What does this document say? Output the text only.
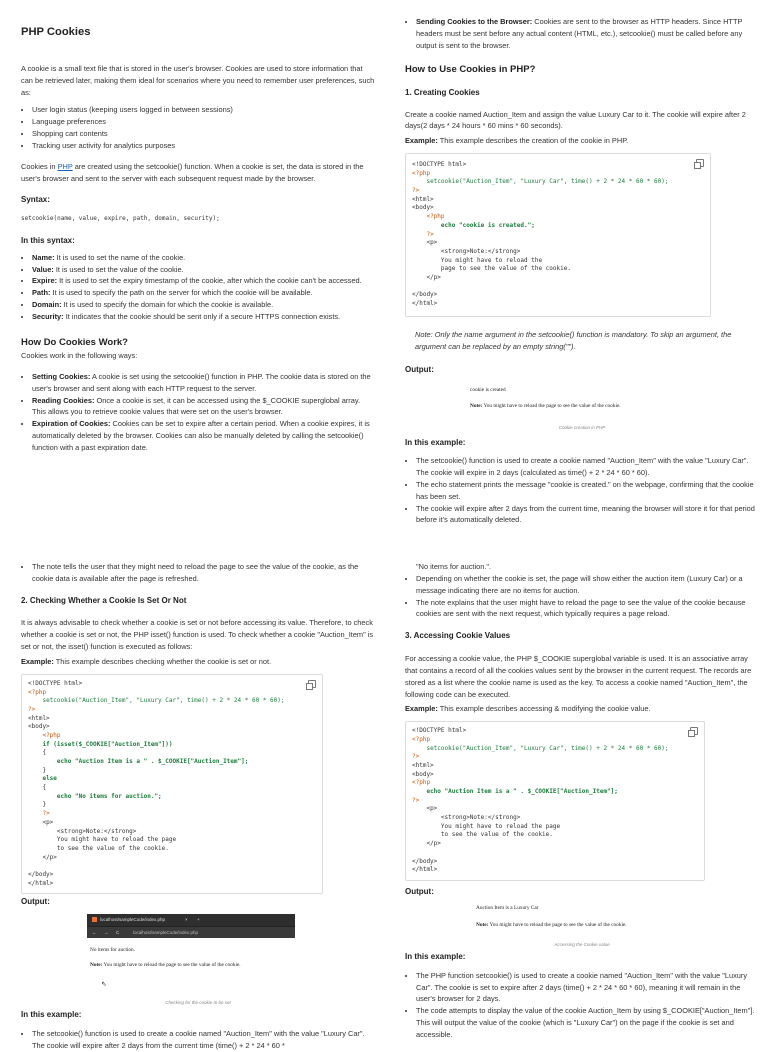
PHP Cookies

A cookie is a small text file that is stored in the user's browser. Cookies are used to store information that can be retrieved later, making them ideal for scenarios where you need to remember user preferences, such as:

• User login status (keeping users logged in between sessions)
• Language preferences
• Shopping cart contents
• Tracking user activity for analytics purposes

Cookies in PHP are created using the setcookie() function. When a cookie is set, the data is stored in the user's browser and sent to the server with each subsequent request made by the browser.

Syntax:
setcookie(name, value, expire, path, domain, security);
In this syntax:
• Name: It is used to set the name of the cookie.
• Value: It is used to set the value of the cookie.
• Expire: It is used to set the expiry timestamp of the cookie, after which the cookie can't be accessed.
• Path: It is used to specify the path on the server for which the cookie will be available.
• Domain: It is used to specify the domain for which the cookie is available.
• Security: It indicates that the cookie should be sent only if a secure HTTPS connection exists.
How Do Cookies Work?

Cookies work in the following ways:

• Setting Cookies: A cookie is set using the setcookie() function in PHP. The cookie data is stored on the user's browser and sent along with each HTTP request to the server.
• Reading Cookies: Once a cookie is set, it can be accessed using the $_COOKIE superglobal array. This allows you to retrieve cookie values that were set on the user's browser.
• Expiration of Cookies: Cookies can be set to expire after a certain period. When a cookie expires, it is automatically deleted by the browser. Cookies can also be manually deleted by calling the setcookie() function with a past expiration date.
• Sending Cookies to the Browser: Cookies are sent to the browser as HTTP headers. Since HTTP headers must be sent before any actual content (HTML, etc.), setcookie() must be called before any output is sent to the browser.
How to Use Cookies in PHP?
1. Creating Cookies

Create a cookie named Auction_Item and assign the value Luxury Car to it. The cookie will expire after 2 days(2 days * 24 hours * 60 mins * 60 seconds).

Example: This example describes the creation of the cookie in PHP.

<!DOCTYPE html>
<?php
setcookie("Auction_Item", "Luxury Car", time() + 2 * 24 * 60 * 60);
?>
<html>
<body>
<?php
echo "cookie is created.";
?>
<p>
<strong>Note:</strong>
You might have to reload the
page to see the value of the cookie.
</p>

</body>
</html>

Note: Only the name argument in the setcookie() function is mandatory. To skip an argument, the argument can be replaced by an empty string("").

Output:
cookie is created
Note: You might have to reload the page to see the value of the cookie.
Cookie creation in PHP
In this example:
• The setcookie() function is used to create a cookie named "Auction_Item" with the value "Luxury Car". The cookie will expire in 2 days (calculated as time() + 2 * 24 * 60 * 60).
• The echo statement prints the message "cookie is created." on the webpage, confirming that the cookie has been set.
• The cookie will expire after 2 days from the current time, meaning the browser will store it for that period before it's automatically deleted.
• The note tells the user that they might need to reload the page to see the value of the cookie, as the cookie data is available after the page is refreshed.
2. Checking Whether a Cookie Is Set Or Not

It is always advisable to check whether a cookie is set or not before accessing its value. Therefore, to check whether a cookie is set or not, the PHP isset() function is used. To check whether a cookie "Auction_Item" is set or not, the isset() function is executed as follows:

Example: This example describes checking whether the cookie is set or not.

<!DOCTYPE html>
<?php
setcookie("Auction_Item", "Luxury Car", time() + 2 * 24 * 60 * 60);
?>
<html>
<body>
<?php
if (isset($_COOKIE["Auction_Item"]))
{
echo "Auction Item is a " . $_COOKIE["Auction_Item"];
}
else
{
echo "No items for auction.";
}
?>
<p>
<strong>Note:</strong>
You might have to reload the page
to see the value of the cookie.
</p>

</body>
</html>
Output:
localhost/sampleCode/index.php	× +
← → C	localhost/sampleCode/index.php
No items for auction.
Note: You might have to reload the page to see the value of the cookie.
⇖
Checking for the cookie to be set
In this example:
• The setcookie() function is used to create a cookie named "Auction_Item" with the value "Luxury Car". The cookie will expire after 2 days from the current time (time() + 2 * 24 * 60 *

"No items for auction.".

• Depending on whether the cookie is set, the page will show either the auction item (Luxury Car) or a message indicating there are no items for auction.
• The note explains that the user might have to reload the page to see the value of the cookie because cookies are sent with the next request, which typically requires a page reload.
3. Accessing Cookie Values

For accessing a cookie value, the PHP $_COOKIE superglobal variable is used. It is an associative array that contains a record of all the cookies values sent by the browser in the current request. The records are stored as a list where the cookie name is used as the key. To access a cookie named "Auction_Item", the following code can be executed.

Example: This example describes accessing & modifying the cookie value.

<!DOCTYPE html>
<?php
setcookie("Auction_Item", "Luxury Car", time() + 2 * 24 * 60 * 60);
?>
<html>
<body>
<?php
echo "Auction Item is a " . $_COOKIE["Auction_Item"];
?>
<p>
<strong>Note:</strong>
You might have to reload the page
to see the value of the cookie.
</p>

</body>
</html>
Output:
Auction Item is a Luxury Car
Note: You might have to reload the page to see the value of the cookie.
Accessing the Cookie value
In this example:
• The PHP function setcookie() is used to create a cookie named "Auction_Item" with the value "Luxury Car". The cookie is set to expire after 2 days (time() + 2 * 24 * 60 * 60), meaning it will remain in the user's browser for 2 days.
• The code attempts to display the value of the cookie Auction_Item by using $_COOKIE["Auction_Item"]. This will output the value of the cookie (which is "Luxury Car") on the page if the cookie is set and accessible.
